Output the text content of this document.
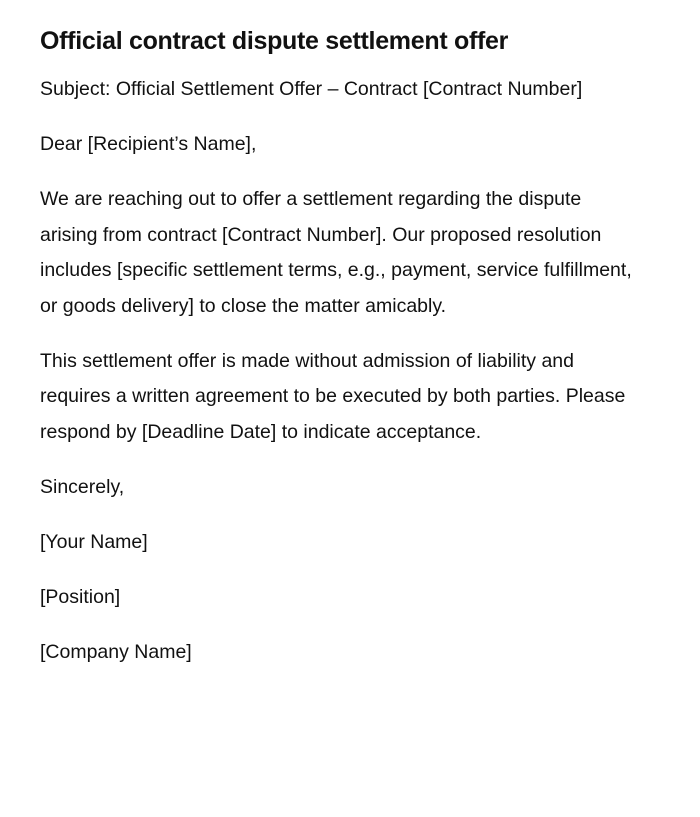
Official contract dispute settlement offer

Subject: Official Settlement Offer – Contract [Contract Number]

Dear [Recipient’s Name],

We are reaching out to offer a settlement regarding the dispute arising from contract [Contract Number]. Our proposed resolution includes [specific settlement terms, e.g., payment, service fulfillment, or goods delivery] to close the matter amicably.

This settlement offer is made without admission of liability and requires a written agreement to be executed by both parties. Please respond by [Deadline Date] to indicate acceptance.

Sincerely,

[Your Name]

[Position]

[Company Name]
